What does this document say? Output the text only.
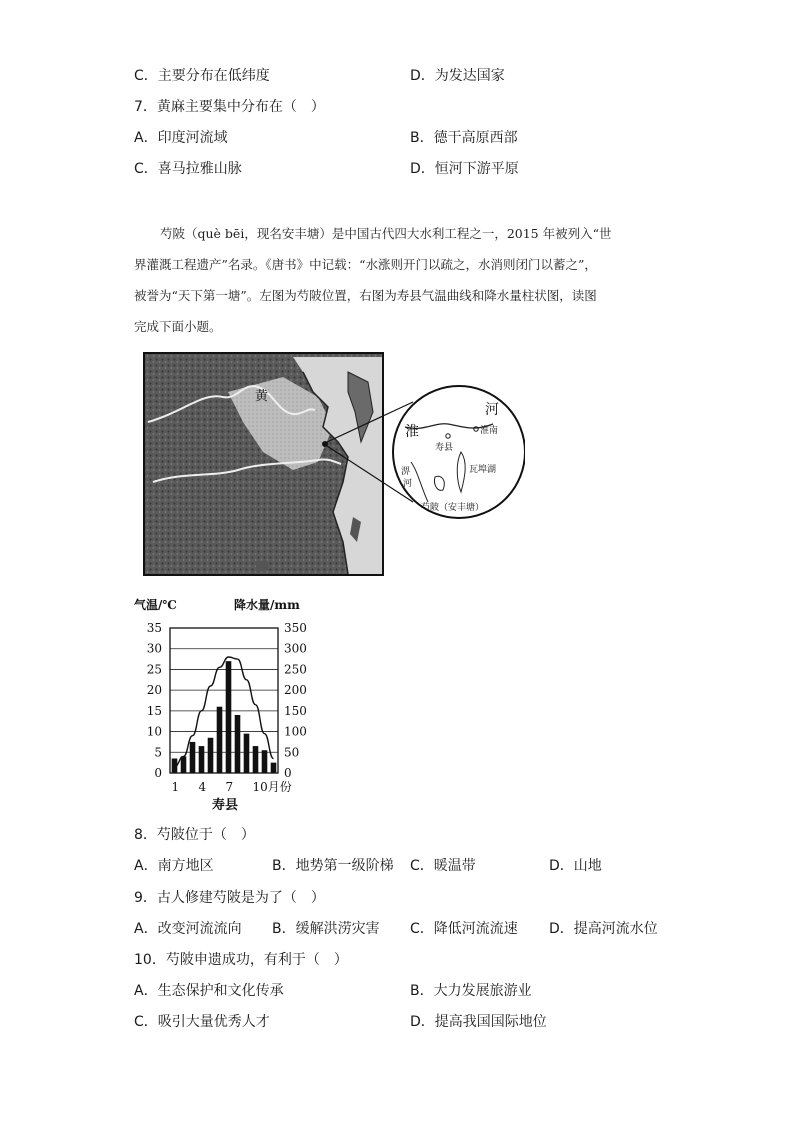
C．主要分布在低纬度	D．为发达国家
7．黄麻主要集中分布在（　）
A．印度河流域	B．德干高原西部
C．喜马拉雅山脉	D．恒河下游平原
芍陂（què bēi，现名安丰塘）是中国古代四大水利工程之一，2015 年被列入“世
界灌溉工程遗产”名录。《唐书》中记载：“水涨则开门以疏之，水消则闭门以蓄之”，
被誉为“天下第一塘”。左图为芍陂位置，右图为寿县气温曲线和降水量柱状图，读图
完成下面小题。
黄
河
淮	淮南
寿县
淠
河
瓦埠湖
芍陂（安丰塘）
气温/℃	降水量/mm
0
5
10
15
20
25
30
35
0
50
100
150
200
250
300
350
1 4 7 10月份
寿县
8．芍陂位于（　）
A．南方地区	B．地势第一级阶梯 C．暖温带	D．山地
9．古人修建芍陂是为了（　）
A．改变河流流向 B．缓解洪涝灾害 C．降低河流流速 D．提高河流水位
10．芍陂申遗成功，有利于（　）
A．生态保护和文化传承	B．大力发展旅游业
C．吸引大量优秀人才	D．提高我国国际地位
